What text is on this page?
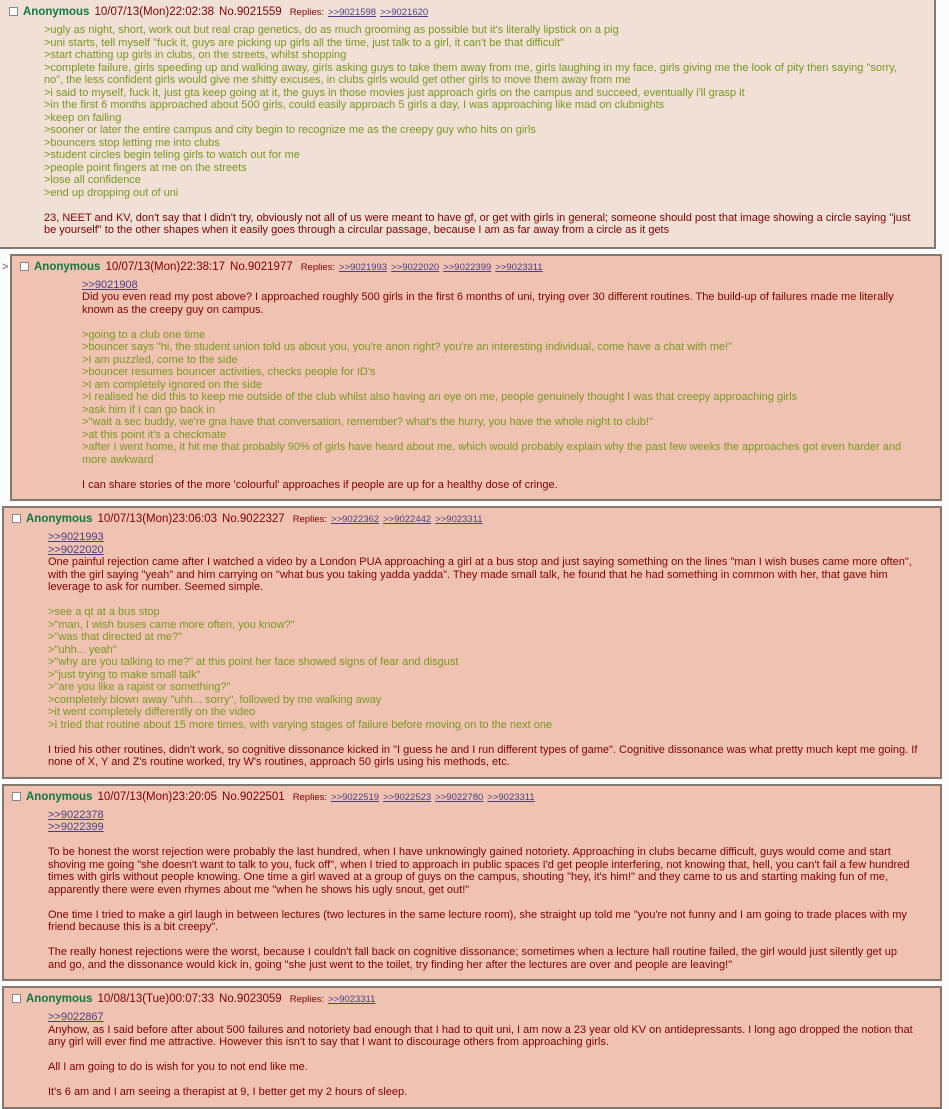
Anonymous 10/07/13(Mon)22:02:38 No.9021559 Replies: >>9021598 >>9021620
>ugly as night, short, work out but real crap genetics, do as much grooming as possible but it's literally lipstick on a pig
>uni starts, tell myself "fuck it, guys are picking up girls all the time, just talk to a girl, it can't be that difficult"
>start chatting up girls in clubs, on the streets, whilst shopping
>complete failure, girls speeding up and walking away, girls asking guys to take them away from me, girls laughing in my face, girls giving me the look of pity then saying "sorry, no", the less confident girls would give me shitty excuses, in clubs girls would get other girls to move them away from me
>i said to myself, fuck it, just gta keep going at it, the guys in those movies just approach girls on the campus and succeed, eventually i'll grasp it
>in the first 6 months approached about 500 girls, could easily approach 5 girls a day, I was approaching like mad on clubnights
>keep on failing
>sooner or later the entire campus and city begin to recognize me as the creepy guy who hits on girls
>bouncers stop letting me into clubs
>student circles begin teling girls to watch out for me
>people point fingers at me on the streets
>lose all confidence
>end up dropping out of uni
23, NEET and KV, don't say that I didn't try, obviously not all of us were meant to have gf, or get with girls in general; someone should post that image showing a circle saying "just be yourself" to the other shapes when it easily goes through a circular passage, because I am as far away from a circle as it gets
>	Anonymous 10/07/13(Mon)22:38:17 No.9021977 Replies: >>9021993 >>9022020 >>9022399 >>9023311
>>9021908
Did you even read my post above? I approached roughly 500 girls in the first 6 months of uni, trying over 30 different routines. The build-up of failures made me literally known as the creepy guy on campus.
>going to a club one time
>bouncer says "hi, the student union told us about you, you're anon right? you're an interesting individual, come have a chat with me!"
>I am puzzled, come to the side
>bouncer resumes bouncer activities, checks people for ID's
>I am completely ignored on the side
>I realised he did this to keep me outside of the club whilst also having an eye on me, people genuinely thought I was that creepy approaching girls
>ask him if I can go back in
>"wait a sec buddy, we're gna have that conversation, remember? what's the hurry, you have the whole night to club!"
>at this point it's a checkmate
>after I went home, it hit me that probably 90% of girls have heard about me, which would probably explain why the past few weeks the approaches got even harder and more awkward
I can share stories of the more 'colourful' approaches if people are up for a healthy dose of cringe.
Anonymous 10/07/13(Mon)23:06:03 No.9022327 Replies: >>9022362 >>9022442 >>9023311
>>9021993
>>9022020
One painful rejection came after I watched a video by a London PUA approaching a girl at a bus stop and just saying something on the lines "man I wish buses came more often", with the girl saying "yeah" and him carrying on "what bus you taking yadda yadda". They made small talk, he found that he had something in common with her, that gave him leverage to ask for number. Seemed simple.
>see a qt at a bus stop
>"man, I wish buses came more often, you know?"
>"was that directed at me?"
>"uhh... yeah"
>"why are you talking to me?" at this point her face showed signs of fear and disgust
>"just trying to make small talk"
>"are you like a rapist or something?"
>completely blown away "uhh... sorry", followed by me walking away
>it went completely differently on the video
>I tried that routine about 15 more times, with varying stages of failure before moving on to the next one
I tried his other routines, didn't work, so cognitive dissonance kicked in "I guess he and I run different types of game". Cognitive dissonance was what pretty much kept me going. If none of X, Y and Z's routine worked, try W's routines, approach 50 girls using his methods, etc.
Anonymous 10/07/13(Mon)23:20:05 No.9022501 Replies: >>9022519 >>9022523 >>9022780 >>9023311
>>9022378
>>9022399
To be honest the worst rejection were probably the last hundred, when I have unknowingly gained notoriety. Approaching in clubs became difficult, guys would come and start shoving me going "she doesn't want to talk to you, fuck off", when I tried to approach in public spaces I'd get people interfering, not knowing that, hell, you can't fail a few hundred times with girls without people knowing. One time a girl waved at a group of guys on the campus, shouting "hey, it's him!" and they came to us and starting making fun of me, apparently there were even rhymes about me "when he shows his ugly snout, get out!"
One time I tried to make a girl laugh in between lectures (two lectures in the same lecture room), she straight up told me "you're not funny and I am going to trade places with my friend because this is a bit creepy".
The really honest rejections were the worst, because I couldn't fall back on cognitive dissonance; sometimes when a lecture hall routine failed, the girl would just silently get up and go, and the dissonance would kick in, going "she just went to the toilet, try finding her after the lectures are over and people are leaving!"
Anonymous 10/08/13(Tue)00:07:33 No.9023059 Replies: >>9023311
>>9022867
Anyhow, as I said before after about 500 failures and notoriety bad enough that I had to quit uni, I am now a 23 year old KV on antidepressants. I long ago dropped the notion that any girl will ever find me attractive. However this isn't to say that I want to discourage others from approaching girls.
All I am going to do is wish for you to not end like me.
It's 6 am and I am seeing a therapist at 9, I better get my 2 hours of sleep.
